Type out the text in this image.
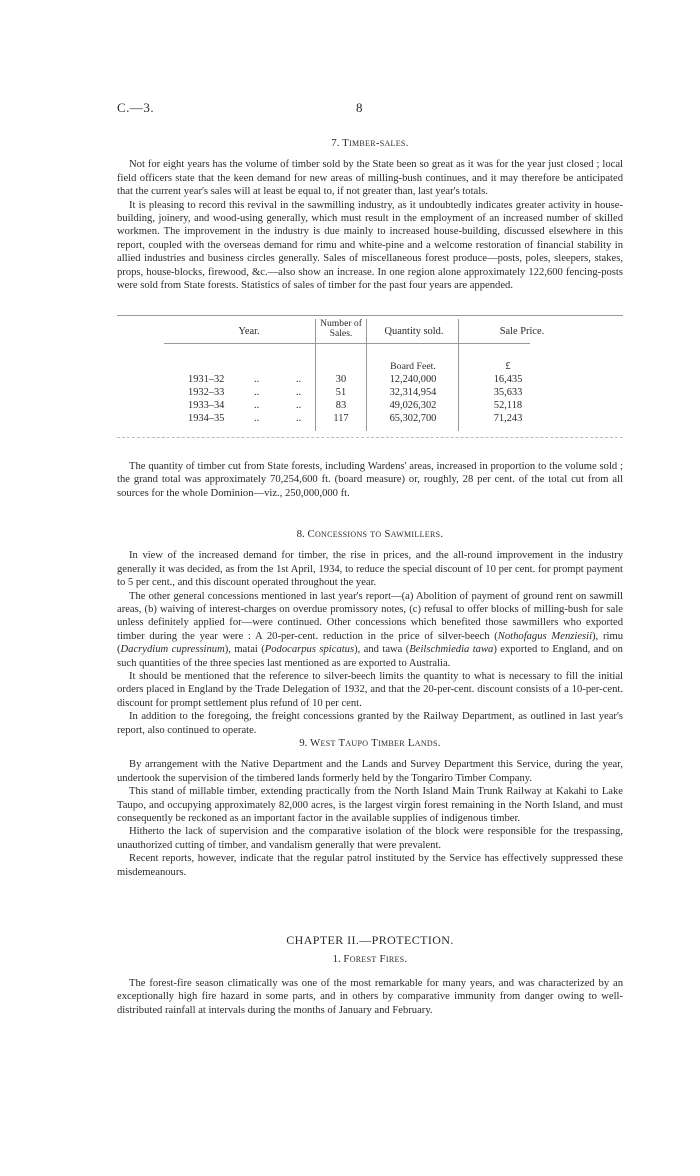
C.—3.	8
7. Timber-sales.

Not for eight years has the volume of timber sold by the State been so great as it was for the year just closed ; local field officers state that the keen demand for new areas of milling-bush continues, and it may therefore be anticipated that the current year's sales will at least be equal to, if not greater than, last year's totals.

It is pleasing to record this revival in the sawmilling industry, as it undoubtedly indicates greater activity in house-building, joinery, and wood-using generally, which must result in the employment of an increased number of skilled workmen. The improvement in the industry is due mainly to increased house-building, discussed elsewhere in this report, coupled with the overseas demand for rimu and white-pine and a welcome restoration of financial stability in allied industries and business circles generally. Sales of miscellaneous forest produce—posts, poles, sleepers, stakes, props, house-blocks, firewood, &c.—also show an increase. In one region alone approximately 122,600 fencing-posts were sold from State forests. Statistics of sales of timber for the past four years are appended.

Year.
Number of Sales.	Quantity sold.	Sale Price.
Board Feet.	£
1931–32	..	..	30	12,240,000	16,435
1932–33	..	..	51	32,314,954	35,633
1933–34	..	..	83	49,026,302	52,118
1934–35	..	..	117	65,302,700	71,243

The quantity of timber cut from State forests, including Wardens' areas, increased in proportion to the volume sold ; the grand total was approximately 70,254,600 ft. (board measure) or, roughly, 28 per cent. of the total cut from all sources for the whole Dominion—viz., 250,000,000 ft.

8. Concessions to Sawmillers.

In view of the increased demand for timber, the rise in prices, and the all-round improvement in the industry generally it was decided, as from the 1st April, 1934, to reduce the special discount of 10 per cent. for prompt payment to 5 per cent., and this discount operated throughout the year.

The other general concessions mentioned in last year's report—(a) Abolition of payment of ground rent on sawmill areas, (b) waiving of interest-charges on overdue promissory notes, (c) refusal to offer blocks of milling-bush for sale unless definitely applied for—were continued. Other concessions which benefited those sawmillers who exported timber during the year were : A 20-per-cent. reduction in the price of silver-beech (Nothofagus Menziesii), rimu (Dacrydium cupressinum), matai (Podocarpus spicatus), and tawa (Beilschmiedia tawa) exported to England, and on such quantities of the three species last mentioned as are exported to Australia.

It should be mentioned that the reference to silver-beech limits the quantity to what is necessary to fill the initial orders placed in England by the Trade Delegation of 1932, and that the 20-per-cent. discount consists of a 10-per-cent. discount for prompt settlement plus refund of 10 per cent.

In addition to the foregoing, the freight concessions granted by the Railway Department, as outlined in last year's report, also continued to operate.

9. West Taupo Timber Lands.

By arrangement with the Native Department and the Lands and Survey Department this Service, during the year, undertook the supervision of the timbered lands formerly held by the Tongariro Timber Company.

This stand of millable timber, extending practically from the North Island Main Trunk Railway at Kakahi to Lake Taupo, and occupying approximately 82,000 acres, is the largest virgin forest remaining in the North Island, and must consequently be reckoned as an important factor in the available supplies of indigenous timber.

Hitherto the lack of supervision and the comparative isolation of the block were responsible for the trespassing, unauthorized cutting of timber, and vandalism generally that were prevalent.

Recent reports, however, indicate that the regular patrol instituted by the Service has effectively suppressed these misdemeanours.

CHAPTER II.—PROTECTION.
1. Forest Fires.

The forest-fire season climatically was one of the most remarkable for many years, and was characterized by an exceptionally high fire hazard in some parts, and in others by comparative immunity from danger owing to well-distributed rainfall at intervals during the months of January and February.
